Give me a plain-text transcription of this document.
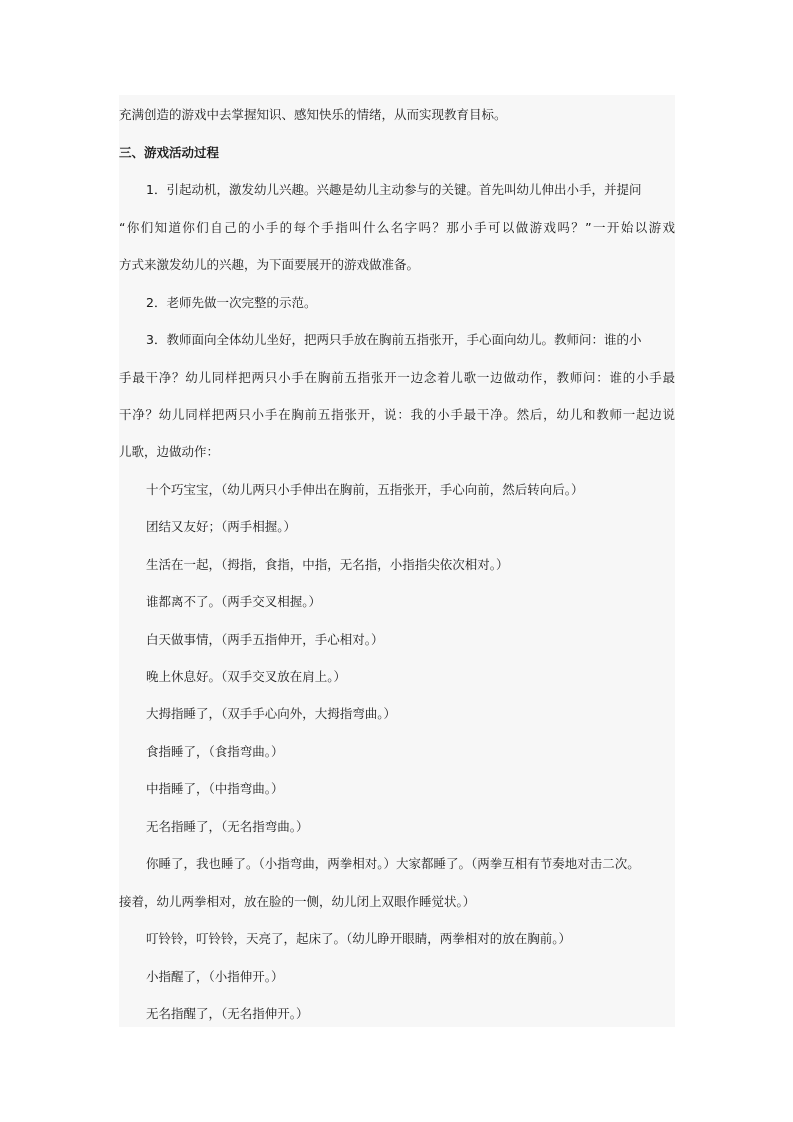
充满创造的游戏中去掌握知识、感知快乐的情绪，从而实现教育目标。
三、游戏活动过程
1．引起动机，激发幼儿兴趣。兴趣是幼儿主动参与的关键。首先叫幼儿伸出小手，并提问
“你们知道你们自己的小手的每个手指叫什么名字吗？那小手可以做游戏吗？”一开始以游戏
方式来激发幼儿的兴趣，为下面要展开的游戏做准备。
2．老师先做一次完整的示范。
3．教师面向全体幼儿坐好，把两只手放在胸前五指张开，手心面向幼儿。教师问：谁的小
手最干净？幼儿同样把两只小手在胸前五指张开一边念着儿歌一边做动作，教师问：谁的小手最
干净？幼儿同样把两只小手在胸前五指张开，说：我的小手最干净。然后，幼儿和教师一起边说
儿歌，边做动作：
十个巧宝宝，（幼儿两只小手伸出在胸前，五指张开，手心向前，然后转向后。）
团结又友好；（两手相握。）
生活在一起，（拇指，食指，中指，无名指，小指指尖依次相对。）
谁都离不了。（两手交叉相握。）
白天做事情，（两手五指伸开，手心相对。）
晚上休息好。（双手交叉放在肩上。）
大拇指睡了，（双手手心向外，大拇指弯曲。）
食指睡了，（食指弯曲。）
中指睡了，（中指弯曲。）
无名指睡了，（无名指弯曲。）
你睡了，我也睡了。（小指弯曲，两拳相对。）大家都睡了。（两拳互相有节奏地对击二次。
接着，幼儿两拳相对，放在脸的一侧，幼儿闭上双眼作睡觉状。）
叮铃铃，叮铃铃，天亮了，起床了。（幼儿睁开眼睛，两拳相对的放在胸前。）
小指醒了，（小指伸开。）
无名指醒了，（无名指伸开。）
